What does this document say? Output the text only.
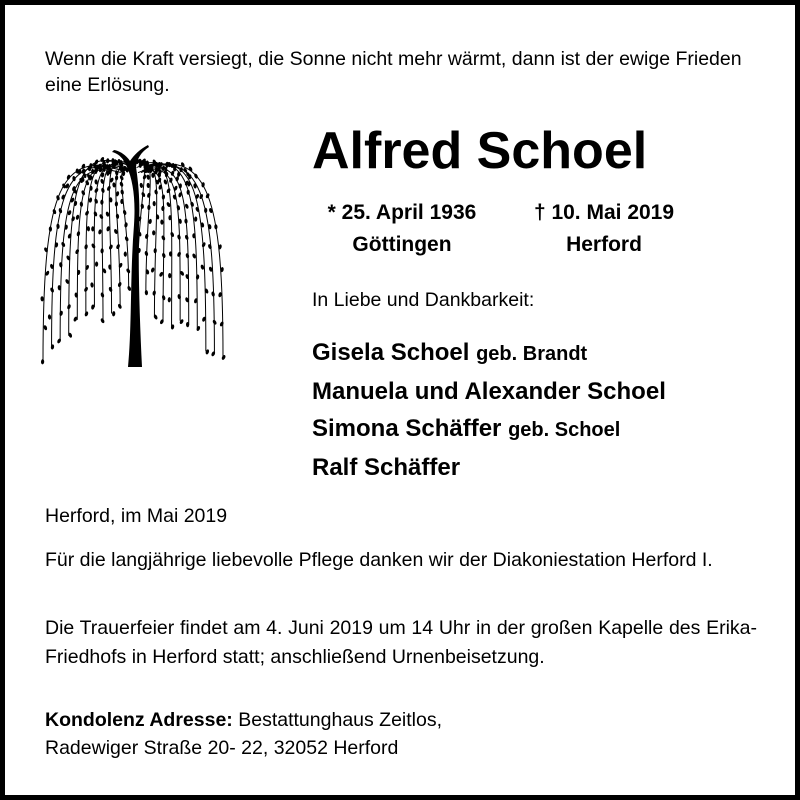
Wenn die Kraft versiegt, die Sonne nicht mehr wärmt, dann ist der ewige Frieden eine Erlösung.
Alfred Schoel
* 25. April 1936
Göttingen
† 10. Mai 2019
Herford
In Liebe und Dankbarkeit:
Gisela Schoel geb. Brandt
Manuela und Alexander Schoel
Simona Schäffer geb. Schoel
Ralf Schäffer
Herford, im Mai 2019
Für die langjährige liebevolle Pflege danken wir der Diakoniestation Herford I.
Die Trauerfeier findet am 4. Juni 2019 um 14 Uhr in der großen Kapelle des Erika-Friedhofs in Herford statt; anschließend Urnenbeisetzung.
Kondolenz Adresse: Bestattunghaus Zeitlos,
Radewiger Straße 20- 22, 32052 Herford
